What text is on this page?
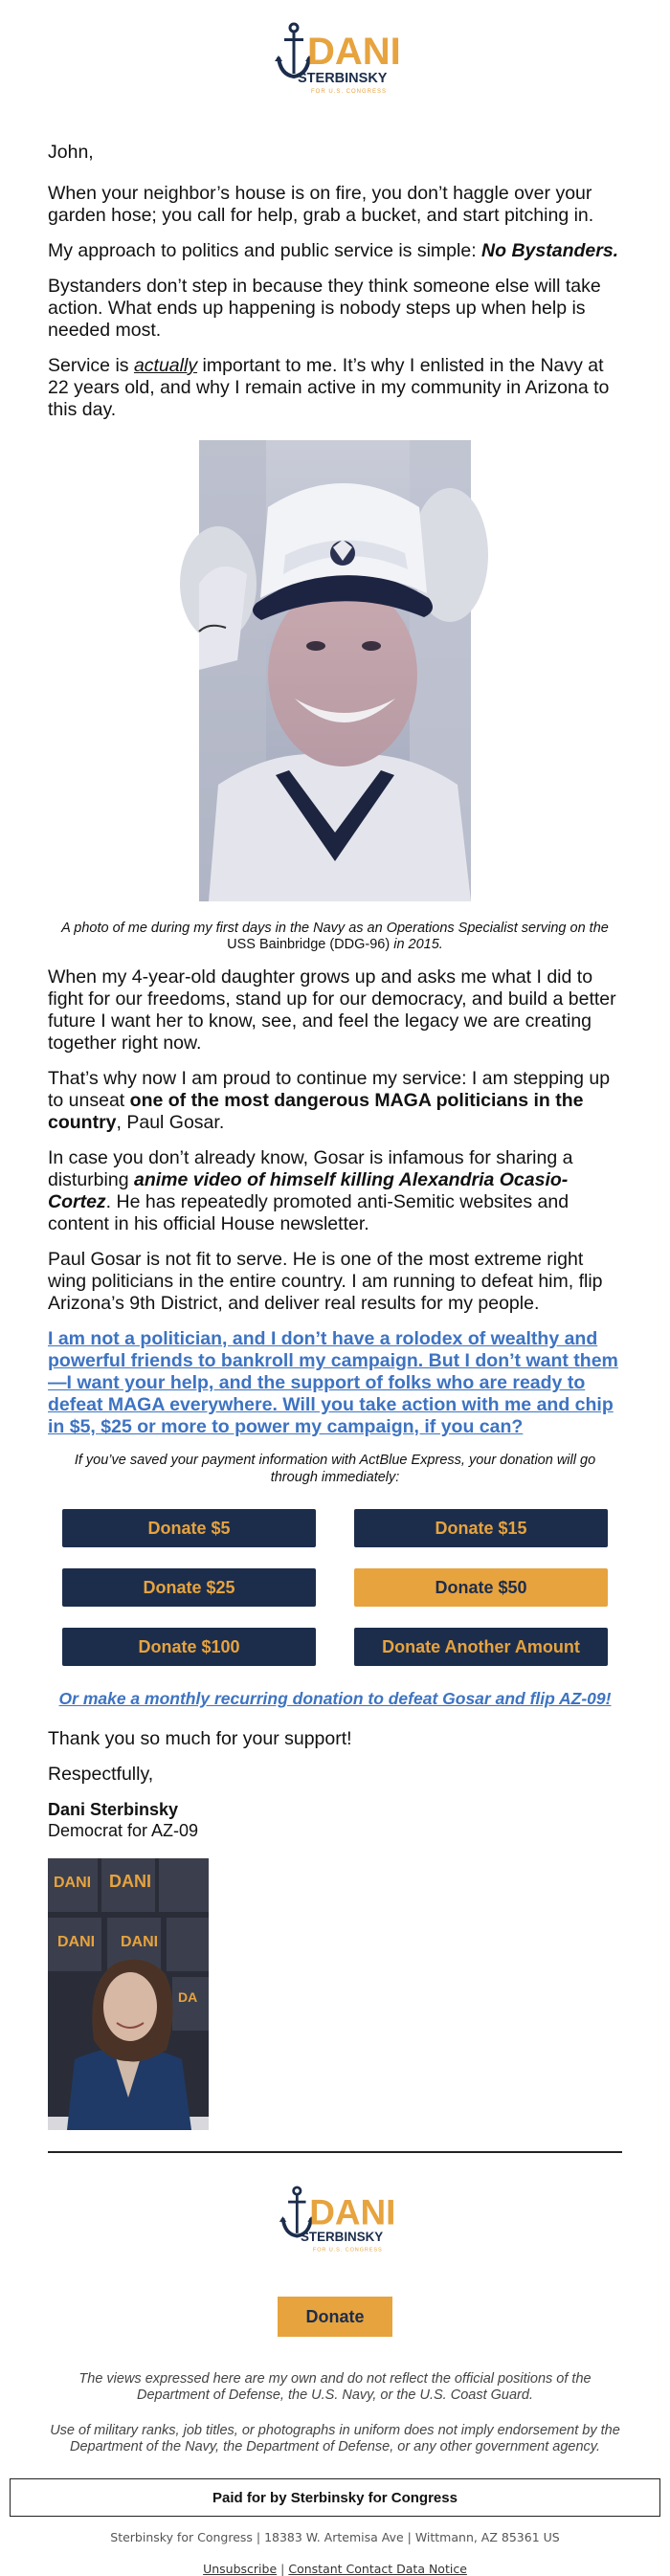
DANI
STERBINSKY
FOR U.S. CONGRESS

John,

When your neighbor’s house is on fire, you don’t haggle over your garden hose; you call for help, grab a bucket, and start pitching in.

My approach to politics and public service is simple: No Bystanders.

Bystanders don’t step in because they think someone else will take action. What ends up happening is nobody steps up when help is needed most.

Service is actually important to me. It’s why I enlisted in the Navy at 22 years old, and why I remain active in my community in Arizona to this day.

A photo of me during my first days in the Navy as an Operations Specialist serving on the USS Bainbridge (DDG-96) in 2015.

When my 4-year-old daughter grows up and asks me what I did to fight for our freedoms, stand up for our democracy, and build a better future I want her to know, see, and feel the legacy we are creating together right now.

That’s why now I am proud to continue my service: I am stepping up to unseat one of the most dangerous MAGA politicians in the country, Paul Gosar.

In case you don’t already know, Gosar is infamous for sharing a disturbing anime video of himself killing Alexandria Ocasio-Cortez. He has repeatedly promoted anti-Semitic websites and content in his official House newsletter.

Paul Gosar is not fit to serve. He is one of the most extreme right wing politicians in the entire country. I am running to defeat him, flip Arizona’s 9th District, and deliver real results for my people.

I am not a politician, and I don’t have a rolodex of wealthy and powerful friends to bankroll my campaign. But I don’t want them—I want your help, and the support of folks who are ready to defeat MAGA everywhere. Will you take action with me and chip in $5, $25 or more to power my campaign, if you can?

If you’ve saved your payment information with ActBlue Express, your donation will go through immediately:

Donate $5	Donate $15
Donate $25	Donate $50
Donate $100	Donate Another Amount
Or make a monthly recurring donation to defeat Gosar and flip AZ-09!

Thank you so much for your support!

Respectfully,

Dani Sterbinsky

Democrat for AZ-09

DANI DANI
DANI DANI
DA
DANI
STERBINSKY
FOR U.S. CONGRESS
Donate

The views expressed here are my own and do not reflect the official positions of the Department of Defense, the U.S. Navy, or the U.S. Coast Guard.

Use of military ranks, job titles, or photographs in uniform does not imply endorsement by the Department of the Navy, the Department of Defense, or any other government agency.

Paid for by Sterbinsky for Congress
Sterbinsky for Congress | 18383 W. Artemisa Ave | Wittmann, AZ 85361 US
Unsubscribe | Constant Contact Data Notice
